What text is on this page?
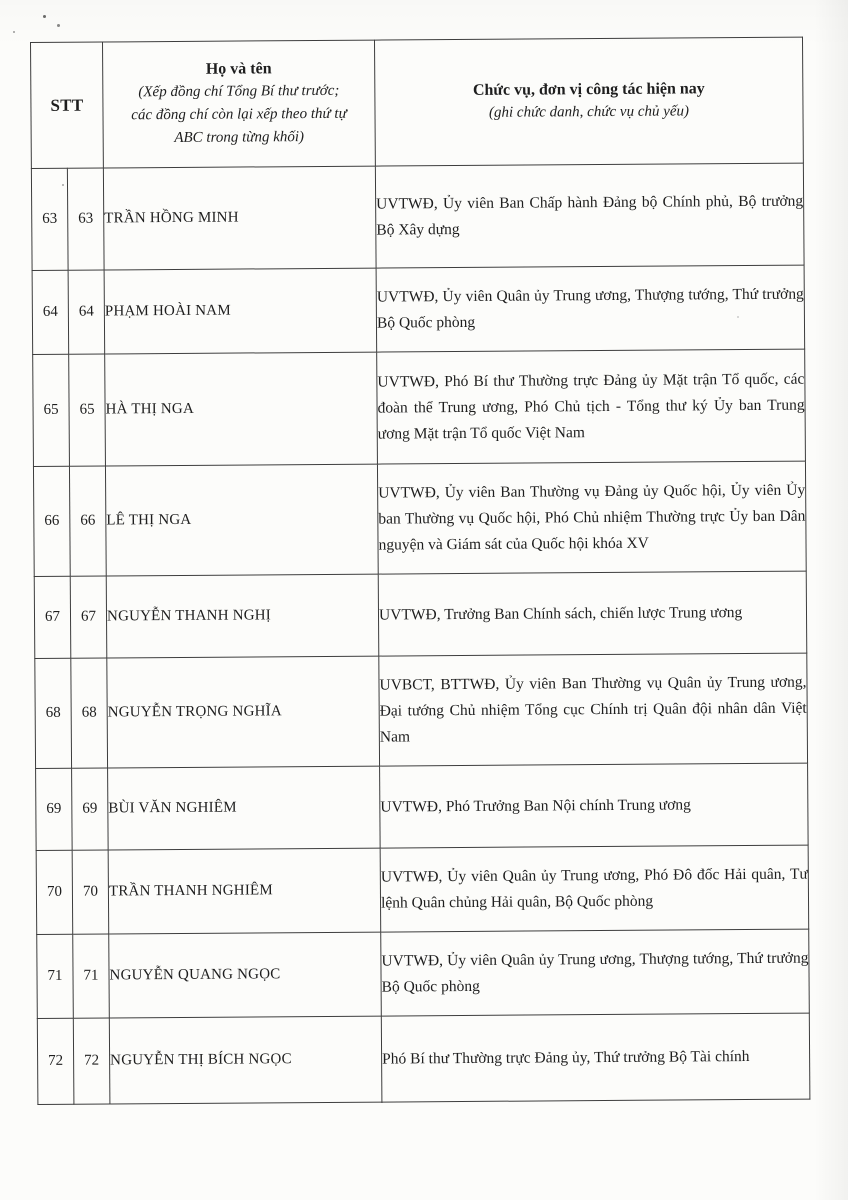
STT	
Họ và tên
(Xếp đồng chí Tổng Bí thư trước;
các đồng chí còn lại xếp theo thứ tự
ABC trong từng khối)

Chức vụ, đơn vị công tác hiện nay
(ghi chức danh, chức vụ chủ yếu)

63	63	TRẦN HỒNG MINH	UVTWĐ, Ủy viên Ban Chấp hành Đảng bộ Chính phủ, Bộ trưởng Bộ Xây dựng
64	64	PHẠM HOÀI NAM	UVTWĐ, Ủy viên Quân ủy Trung ương, Thượng tướng, Thứ trưởng Bộ Quốc phòng
65	65	HÀ THỊ NGA	UVTWĐ, Phó Bí thư Thường trực Đảng ủy Mặt trận Tổ quốc, các đoàn thể Trung ương, Phó Chủ tịch - Tổng thư ký Ủy ban Trung ương Mặt trận Tổ quốc Việt Nam
66	66	LÊ THỊ NGA	UVTWĐ, Ủy viên Ban Thường vụ Đảng ủy Quốc hội, Ủy viên Ủy ban Thường vụ Quốc hội, Phó Chủ nhiệm Thường trực Ủy ban Dân nguyện và Giám sát của Quốc hội khóa XV
67	67	NGUYỄN THANH NGHỊ	UVTWĐ, Trưởng Ban Chính sách, chiến lược Trung ương
68	68	NGUYỄN TRỌNG NGHĨA	UVBCT, BTTWĐ, Ủy viên Ban Thường vụ Quân ủy Trung ương, Đại tướng Chủ nhiệm Tổng cục Chính trị Quân đội nhân dân Việt Nam
69	69	BÙI VĂN NGHIÊM	UVTWĐ, Phó Trưởng Ban Nội chính Trung ương
70	70	TRẦN THANH NGHIÊM	UVTWĐ, Ủy viên Quân ủy Trung ương, Phó Đô đốc Hải quân, Tư lệnh Quân chủng Hải quân, Bộ Quốc phòng
71	71	NGUYỄN QUANG NGỌC	UVTWĐ, Ủy viên Quân ủy Trung ương, Thượng tướng, Thứ trưởng Bộ Quốc phòng
72	72	NGUYỄN THỊ BÍCH NGỌC	Phó Bí thư Thường trực Đảng ủy, Thứ trưởng Bộ Tài chính
